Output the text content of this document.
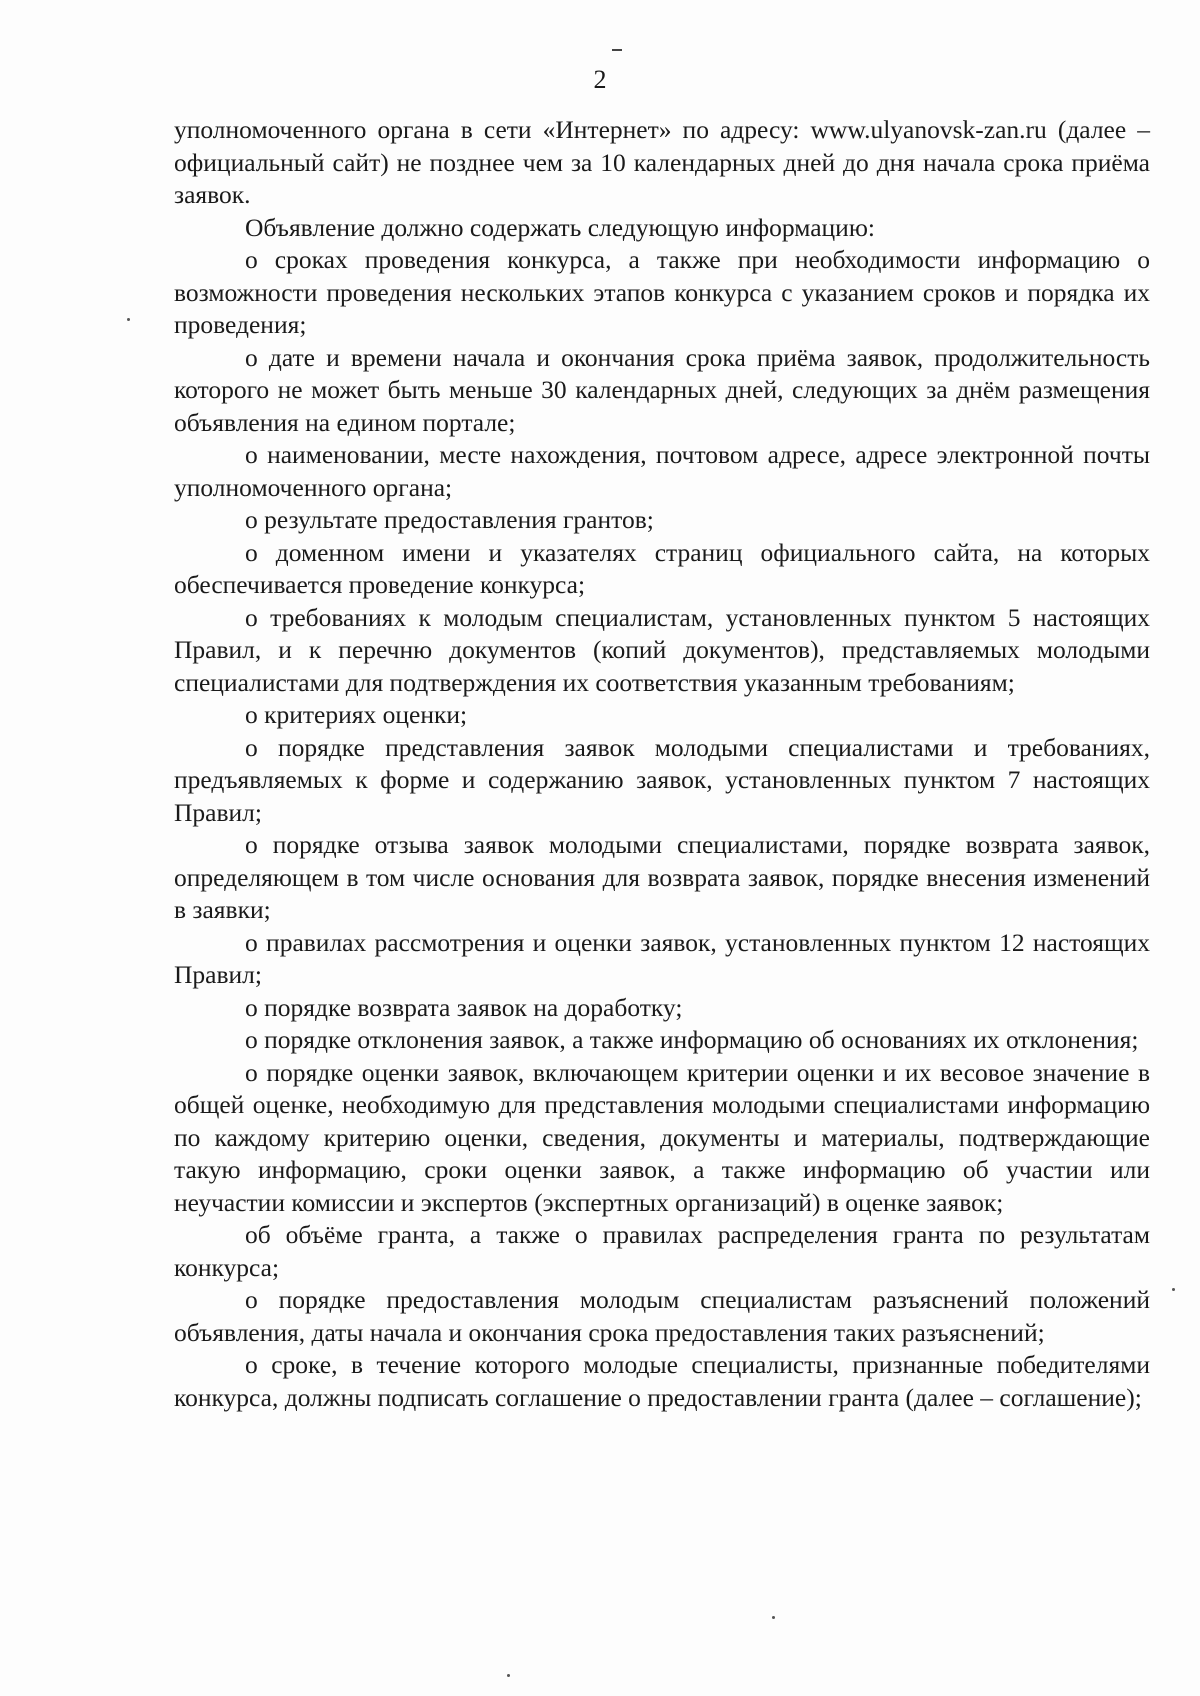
2

уполномоченного органа в сети «Интернет» по адресу: www.ulyanovsk-zan.ru (далее – официальный сайт) не позднее чем за 10 календарных дней до дня начала срока приёма заявок.

Объявление должно содержать следующую информацию:

о сроках проведения конкурса, а также при необходимости информацию о возможности проведения нескольких этапов конкурса с указанием сроков и порядка их проведения;

о дате и времени начала и окончания срока приёма заявок, продолжительность которого не может быть меньше 30 календарных дней, следующих за днём размещения объявления на едином портале;

о наименовании, месте нахождения, почтовом адресе, адресе электронной почты уполномоченного органа;

о результате предоставления грантов;

о доменном имени и указателях страниц официального сайта, на которых обеспечивается проведение конкурса;

о требованиях к молодым специалистам, установленных пунктом 5 настоящих Правил, и к перечню документов (копий документов), представляемых молодыми специалистами для подтверждения их соответствия указанным требованиям;

о критериях оценки;

о порядке представления заявок молодыми специалистами и требованиях, предъявляемых к форме и содержанию заявок, установленных пунктом 7 настоящих Правил;

о порядке отзыва заявок молодыми специалистами, порядке возврата заявок, определяющем в том числе основания для возврата заявок, порядке внесения изменений в заявки;

о правилах рассмотрения и оценки заявок, установленных пунктом 12 настоящих Правил;

о порядке возврата заявок на доработку;

о порядке отклонения заявок, а также информацию об основаниях их отклонения;

о порядке оценки заявок, включающем критерии оценки и их весовое значение в общей оценке, необходимую для представления молодыми специалистами информацию по каждому критерию оценки, сведения, документы и материалы, подтверждающие такую информацию, сроки оценки заявок, а также информацию об участии или неучастии комиссии и экспертов (экспертных организаций) в оценке заявок;

об объёме гранта, а также о правилах распределения гранта по результатам конкурса;

о порядке предоставления молодым специалистам разъяснений положений объявления, даты начала и окончания срока предоставления таких разъяснений;

о сроке, в течение которого молодые специалисты, признанные победителями конкурса, должны подписать соглашение о предоставлении гранта (далее – соглашение);
